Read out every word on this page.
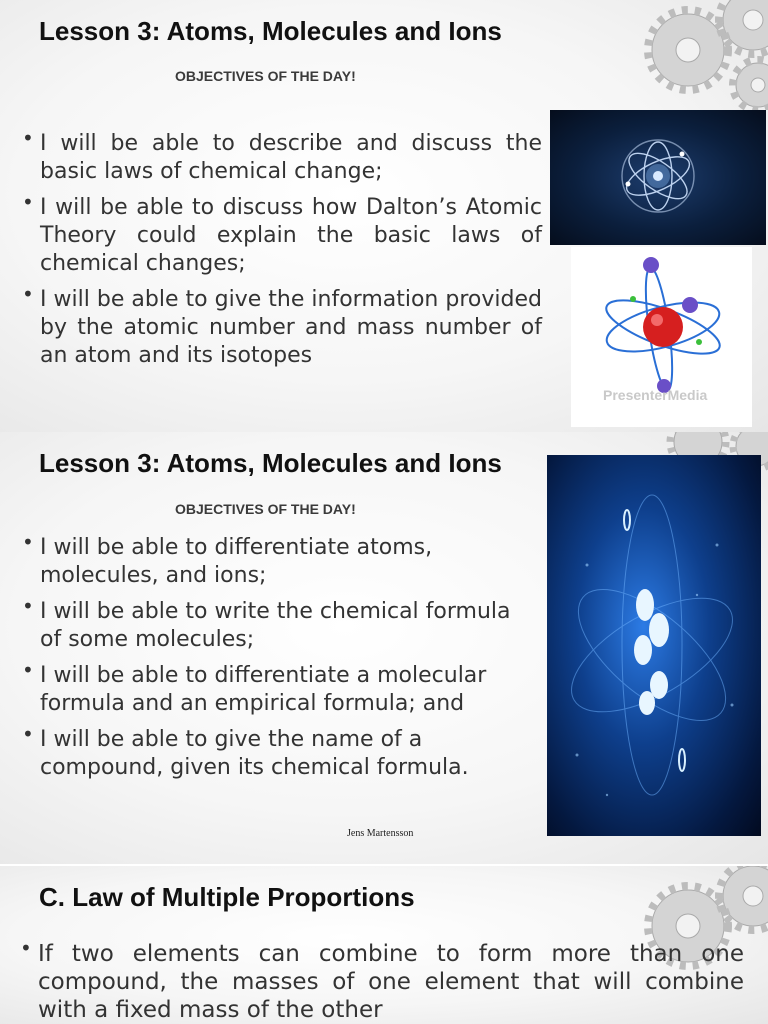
Lesson 3: Atoms, Molecules and Ions
OBJECTIVES OF THE DAY!
• I will be able to describe and discuss the basic laws of chemical change;
• I will be able to discuss how Dalton’s Atomic Theory could explain the basic laws of chemical changes;
• I will be able to give the information provided by the atomic number and mass number of an atom and its isotopes
PresenterMedia
Lesson 3: Atoms, Molecules and Ions
OBJECTIVES OF THE DAY!
• I will be able to differentiate atoms, molecules, and ions;
• I will be able to write the chemical formula of some molecules;
• I will be able to differentiate a molecular formula and an empirical formula; and
• I will be able to give the name of a compound, given its chemical formula.
Jens Martensson
C. Law of Multiple Proportions
• If two elements can combine to form more than one compound, the masses of one element that will combine with a fixed mass of the other
